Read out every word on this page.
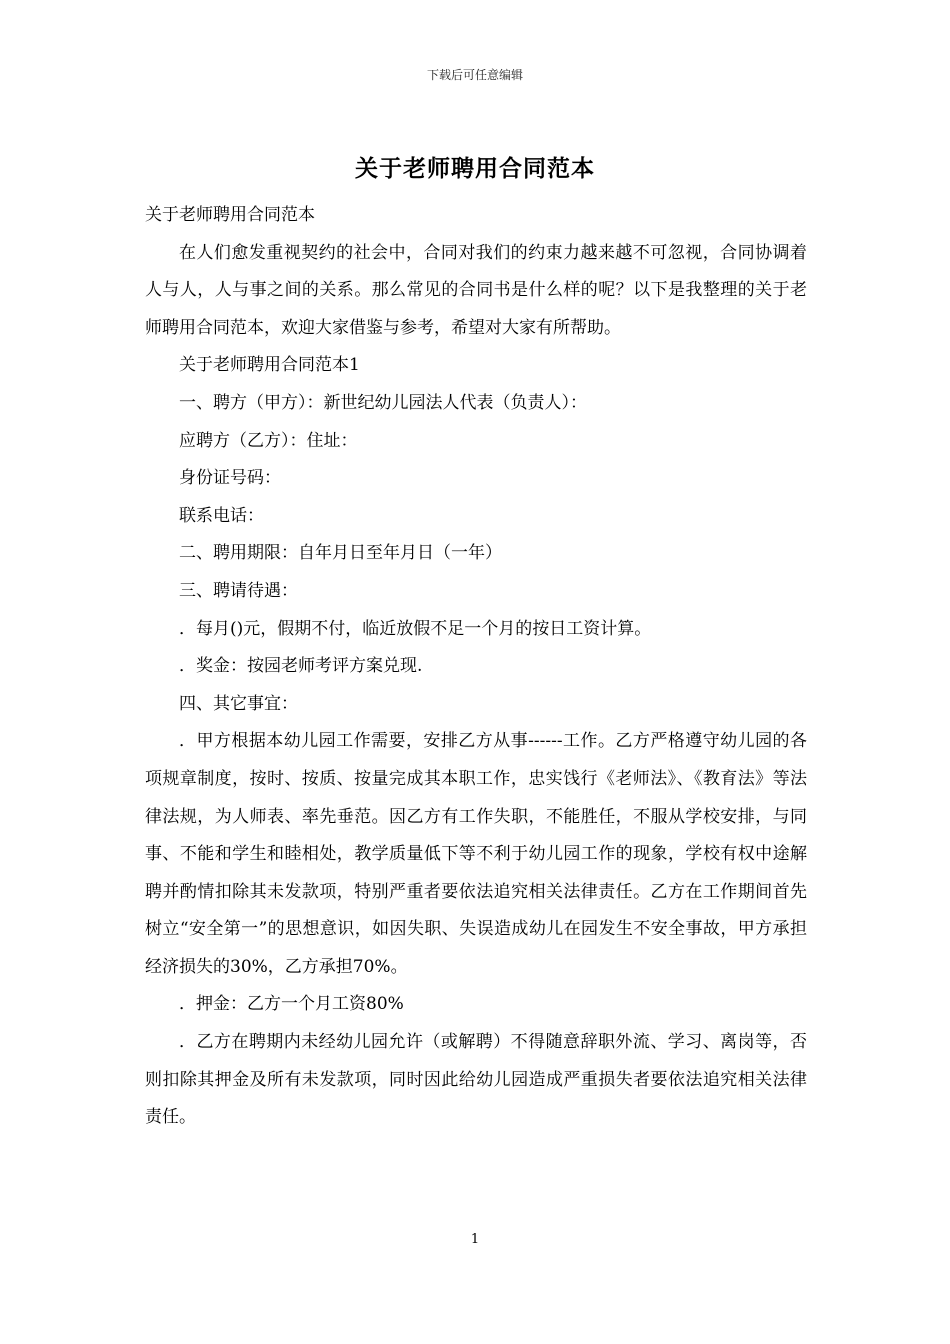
下载后可任意编辑
关于老师聘用合同范本

关于老师聘用合同范本

在人们愈发重视契约的社会中，合同对我们的约束力越来越不可忽视，合同协调着人与人，人与事之间的关系。那么常见的合同书是什么样的呢？以下是我整理的关于老师聘用合同范本，欢迎大家借鉴与参考，希望对大家有所帮助。

关于老师聘用合同范本1

一、聘方（甲方）：新世纪幼儿园法人代表（负责人）：

应聘方（乙方）：住址：

身份证号码：

联系电话：

二、聘用期限：自年月日至年月日（一年）

三、聘请待遇：

．每月()元，假期不付，临近放假不足一个月的按日工资计算。

．奖金：按园老师考评方案兑现.

四、其它事宜：

．甲方根据本幼儿园工作需要，安排乙方从事------工作。乙方严格遵守幼儿园的各项规章制度，按时、按质、按量完成其本职工作，忠实饯行《老师法》、《教育法》等法律法规，为人师表、率先垂范。因乙方有工作失职，不能胜任，不服从学校安排，与同事、不能和学生和睦相处，教学质量低下等不利于幼儿园工作的现象，学校有权中途解聘并酌情扣除其未发款项，特别严重者要依法追究相关法律责任。乙方在工作期间首先树立“安全第一”的思想意识，如因失职、失误造成幼儿在园发生不安全事故，甲方承担经济损失的30%，乙方承担70%。

．押金：乙方一个月工资80%

．乙方在聘期内未经幼儿园允许（或解聘）不得随意辞职外流、学习、离岗等，否则扣除其押金及所有未发款项，同时因此给幼儿园造成严重损失者要依法追究相关法律责任。

1
